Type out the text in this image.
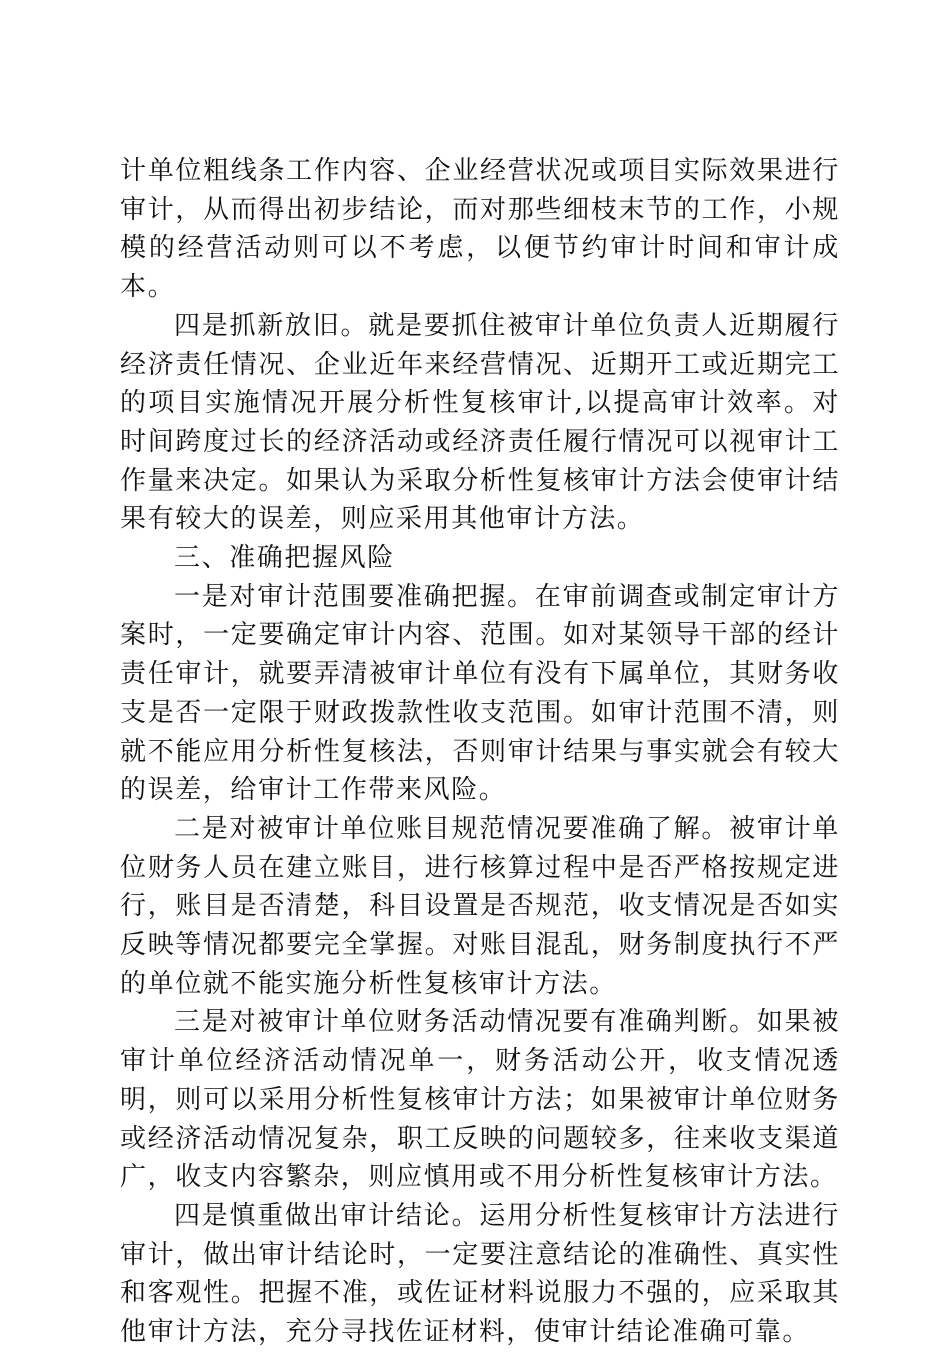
计单位粗线条工作内容、企业经营状况或项目实际效果进行审计，从而得出初步结论，而对那些细枝末节的工作，小规模的经营活动则可以不考虑，以便节约审计时间和审计成本。

四是抓新放旧。就是要抓住被审计单位负责人近期履行经济责任情况、企业近年来经营情况、近期开工或近期完工的项目实施情况开展分析性复核审计,以提高审计效率。对时间跨度过长的经济活动或经济责任履行情况可以视审计工作量来决定。如果认为采取分析性复核审计方法会使审计结果有较大的误差，则应采用其他审计方法。

三、准确把握风险

一是对审计范围要准确把握。在审前调查或制定审计方案时，一定要确定审计内容、范围。如对某领导干部的经计责任审计，就要弄清被审计单位有没有下属单位，其财务收支是否一定限于财政拨款性收支范围。如审计范围不清，则就不能应用分析性复核法，否则审计结果与事实就会有较大的误差，给审计工作带来风险。

二是对被审计单位账目规范情况要准确了解。被审计单位财务人员在建立账目，进行核算过程中是否严格按规定进行，账目是否清楚，科目设置是否规范，收支情况是否如实反映等情况都要完全掌握。对账目混乱，财务制度执行不严的单位就不能实施分析性复核审计方法。

三是对被审计单位财务活动情况要有准确判断。如果被审计单位经济活动情况单一，财务活动公开，收支情况透明，则可以采用分析性复核审计方法；如果被审计单位财务或经济活动情况复杂，职工反映的问题较多，往来收支渠道广，收支内容繁杂，则应慎用或不用分析性复核审计方法。

四是慎重做出审计结论。运用分析性复核审计方法进行审计，做出审计结论时，一定要注意结论的准确性、真实性和客观性。把握不准，或佐证材料说服力不强的，应采取其他审计方法，充分寻找佐证材料，使审计结论准确可靠。
